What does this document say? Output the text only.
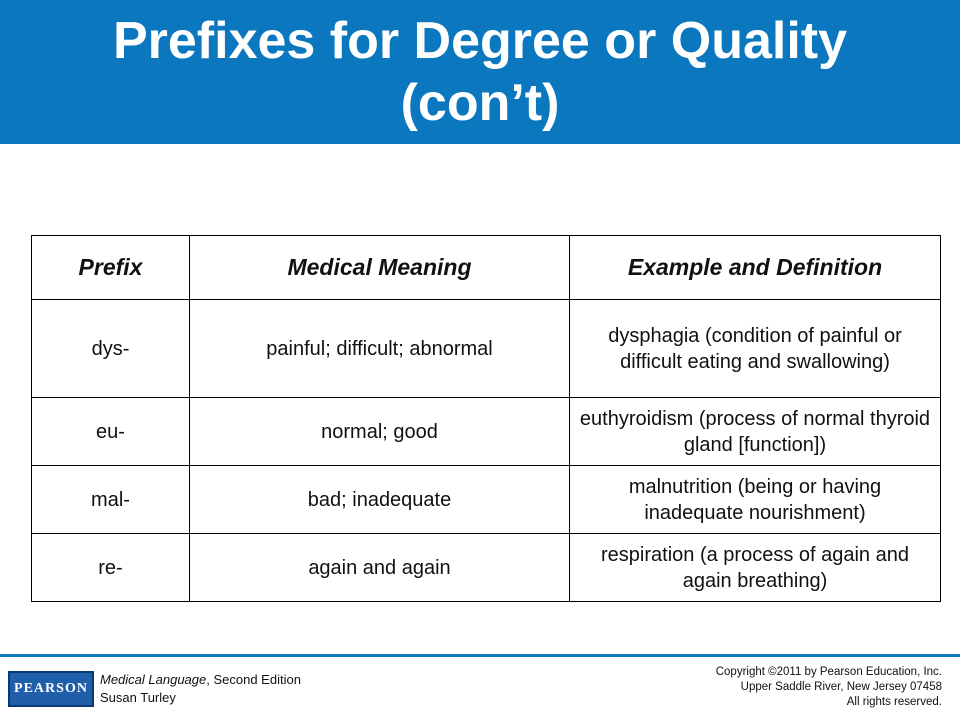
Prefixes for Degree or Quality
(con’t)
Prefix	Medical Meaning	Example and Definition
dys-	painful; difficult; abnormal	dysphagia (condition of painful or difficult eating and swallowing)
eu-	normal; good	euthyroidism (process of normal thyroid gland [function])
mal-	bad; inadequate	malnutrition (being or having inadequate nourishment)
re-	again and again	respiration (a process of again and again breathing)
PEARSON
Medical Language, Second Edition
Susan Turley
Copyright ©2011 by Pearson Education, Inc.
Upper Saddle River, New Jersey 07458
All rights reserved.
